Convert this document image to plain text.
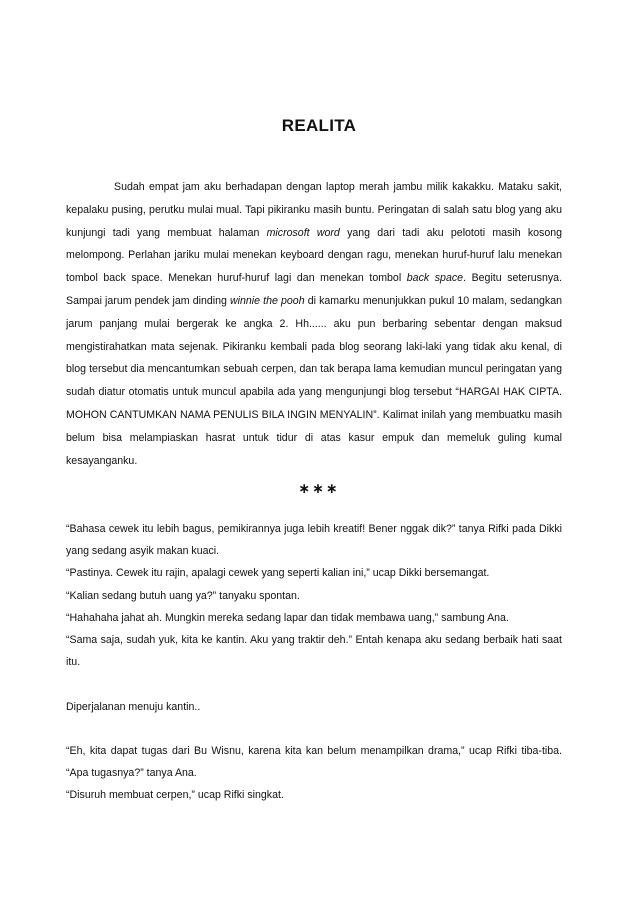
REALITA

Sudah empat jam aku berhadapan dengan laptop merah jambu milik kakakku. Mataku sakit, kepalaku pusing, perutku mulai mual. Tapi pikiranku masih buntu. Peringatan di salah satu blog yang aku kunjungi tadi yang membuat halaman microsoft word yang dari tadi aku pelototi masih kosong melompong. Perlahan jariku mulai menekan keyboard dengan ragu, menekan huruf-huruf lalu menekan tombol back space. Menekan huruf-huruf lagi dan menekan tombol back space. Begitu seterusnya. Sampai jarum pendek jam dinding winnie the pooh di kamarku menunjukkan pukul 10 malam, sedangkan jarum panjang mulai bergerak ke angka 2. Hh...... aku pun berbaring sebentar dengan maksud mengistirahatkan mata sejenak. Pikiranku kembali pada blog seorang laki-laki yang tidak aku kenal, di blog tersebut dia mencantumkan sebuah cerpen, dan tak berapa lama kemudian muncul peringatan yang sudah diatur otomatis untuk muncul apabila ada yang mengunjungi blog tersebut “HARGAI HAK CIPTA. MOHON CANTUMKAN NAMA PENULIS BILA INGIN MENYALIN”. Kalimat inilah yang membuatku masih belum bisa melampiaskan hasrat untuk tidur di atas kasur empuk dan memeluk guling kumal kesayanganku.

∗∗∗

“Bahasa cewek itu lebih bagus, pemikirannya juga lebih kreatif! Bener nggak dik?” tanya Rifki pada Dikki yang sedang asyik makan kuaci.

“Pastinya. Cewek itu rajin, apalagi cewek yang seperti kalian ini,” ucap Dikki bersemangat.

“Kalian sedang butuh uang ya?” tanyaku spontan.

“Hahahaha jahat ah. Mungkin mereka sedang lapar dan tidak membawa uang,” sambung Ana.

“Sama saja, sudah yuk, kita ke kantin. Aku yang traktir deh.” Entah kenapa aku sedang berbaik hati saat itu.

Diperjalanan menuju kantin..

“Eh, kita dapat tugas dari Bu Wisnu, karena kita kan belum menampilkan drama,” ucap Rifki tiba-tiba. “Apa tugasnya?” tanya Ana.

“Disuruh membuat cerpen,” ucap Rifki singkat.
